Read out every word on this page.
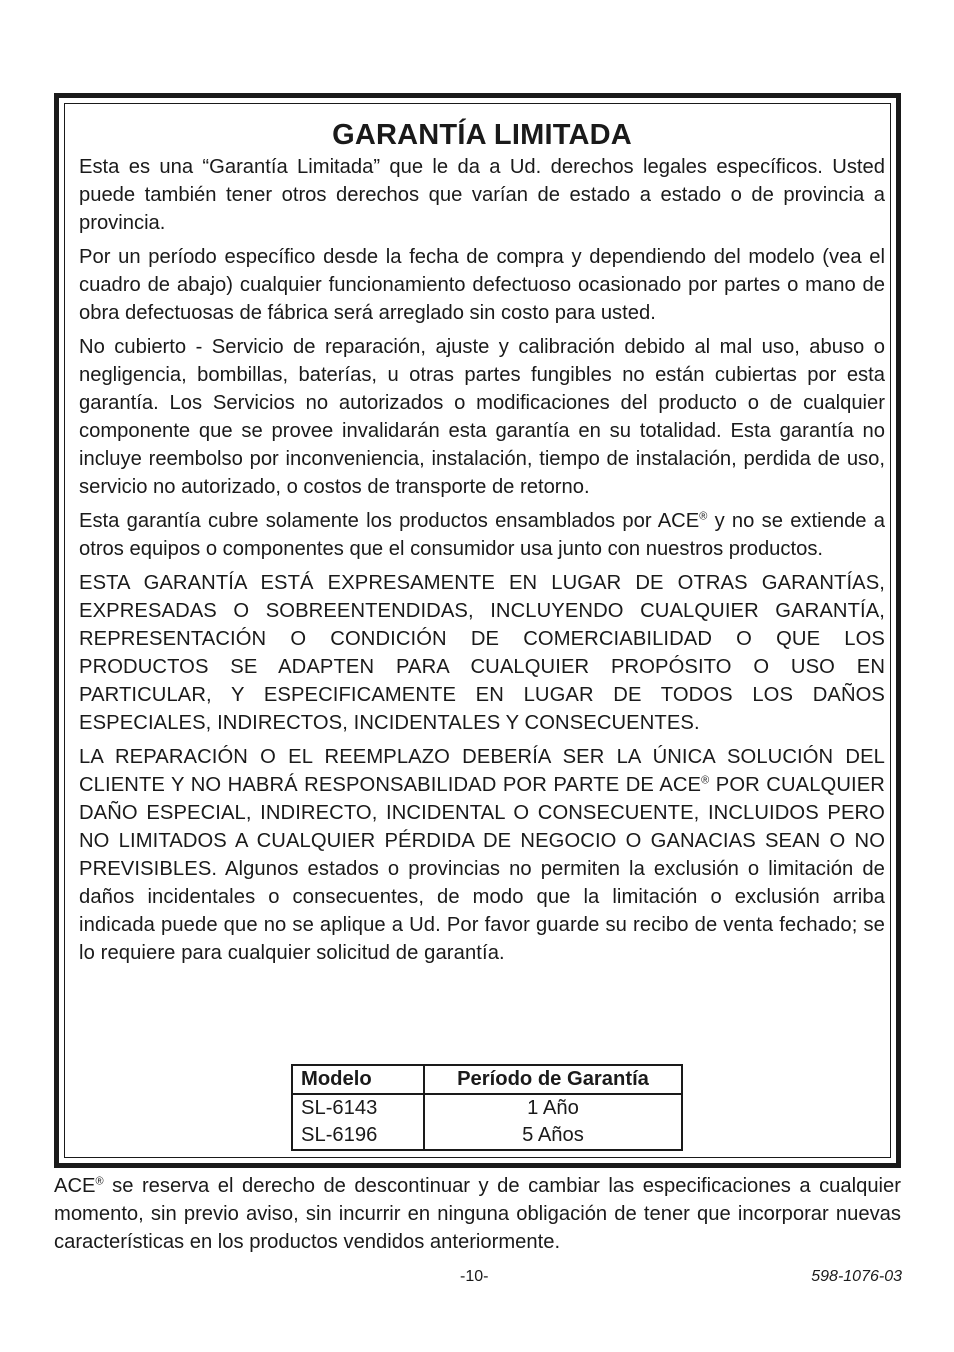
GARANTÍA LIMITADA

Esta es una “Garantía Limitada” que le da a Ud. derechos legales específicos. Usted puede también tener otros derechos que varían de estado a estado o de provincia a provincia.

Por un período específico desde la fecha de compra y dependiendo del modelo (vea el cuadro de abajo) cualquier funcionamiento defectuoso ocasionado por partes o mano de obra defectuosas de fábrica será arreglado sin costo para usted.

No cubierto - Servicio de reparación, ajuste y calibración debido al mal uso, abuso o negligencia, bombillas, baterías, u otras partes fungibles no están cubiertas por esta garantía. Los Servicios no autorizados o modificaciones del producto o de cualquier componente que se provee invalidarán esta garantía en su totalidad. Esta garantía no incluye reembolso por inconveniencia, instalación, tiempo de instalación, perdida de uso, servicio no autorizado, o costos de transporte de retorno.

Esta garantía cubre solamente los productos ensamblados por ACE® y no se extiende a otros equipos o componentes que el consumidor usa junto con nuestros productos.

ESTA GARANTÍA ESTÁ EXPRESAMENTE EN LUGAR DE OTRAS GARANTÍAS, EXPRESADAS O SOBREENTENDIDAS, INCLUYENDO CUALQUIER GARANTÍA, REPRESENTACIÓN O CONDICIÓN DE COMERCIABILIDAD O QUE LOS PRODUCTOS SE ADAPTEN PARA CUALQUIER PROPÓSITO O USO EN PARTICULAR, Y ESPECIFICAMENTE EN LUGAR DE TODOS LOS DAÑOS ESPECIALES, INDIRECTOS, INCIDENTALES Y CONSECUENTES.

LA REPARACIÓN O EL REEMPLAZO DEBERÍA SER LA ÚNICA SOLUCIÓN DEL CLIENTE Y NO HABRÁ RESPONSABILIDAD POR PARTE DE ACE® POR CUALQUIER DAÑO ESPECIAL, INDIRECTO, INCIDENTAL O CONSECUENTE, INCLUIDOS PERO NO LIMITADOS A CUALQUIER PÉRDIDA DE NEGOCIO O GANACIAS SEAN O NO PREVISIBLES. Algunos estados o provincias no permiten la exclusión o limitación de daños incidentales o consecuentes, de modo que la limitación o exclusión arriba indicada puede que no se aplique a Ud. Por favor guarde su recibo de venta fechado; se lo requiere para cualquier solicitud de garantía.

Modelo	Período de Garantía
SL-6143	1 Año
SL-6196	5 Años

ACE® se reserva el derecho de descontinuar y de cambiar las especificaciones a cualquier momento, sin previo aviso, sin incurrir en ninguna obligación de tener que incorporar nuevas características en los productos vendidos anteriormente.

-10-	598-1076-03
